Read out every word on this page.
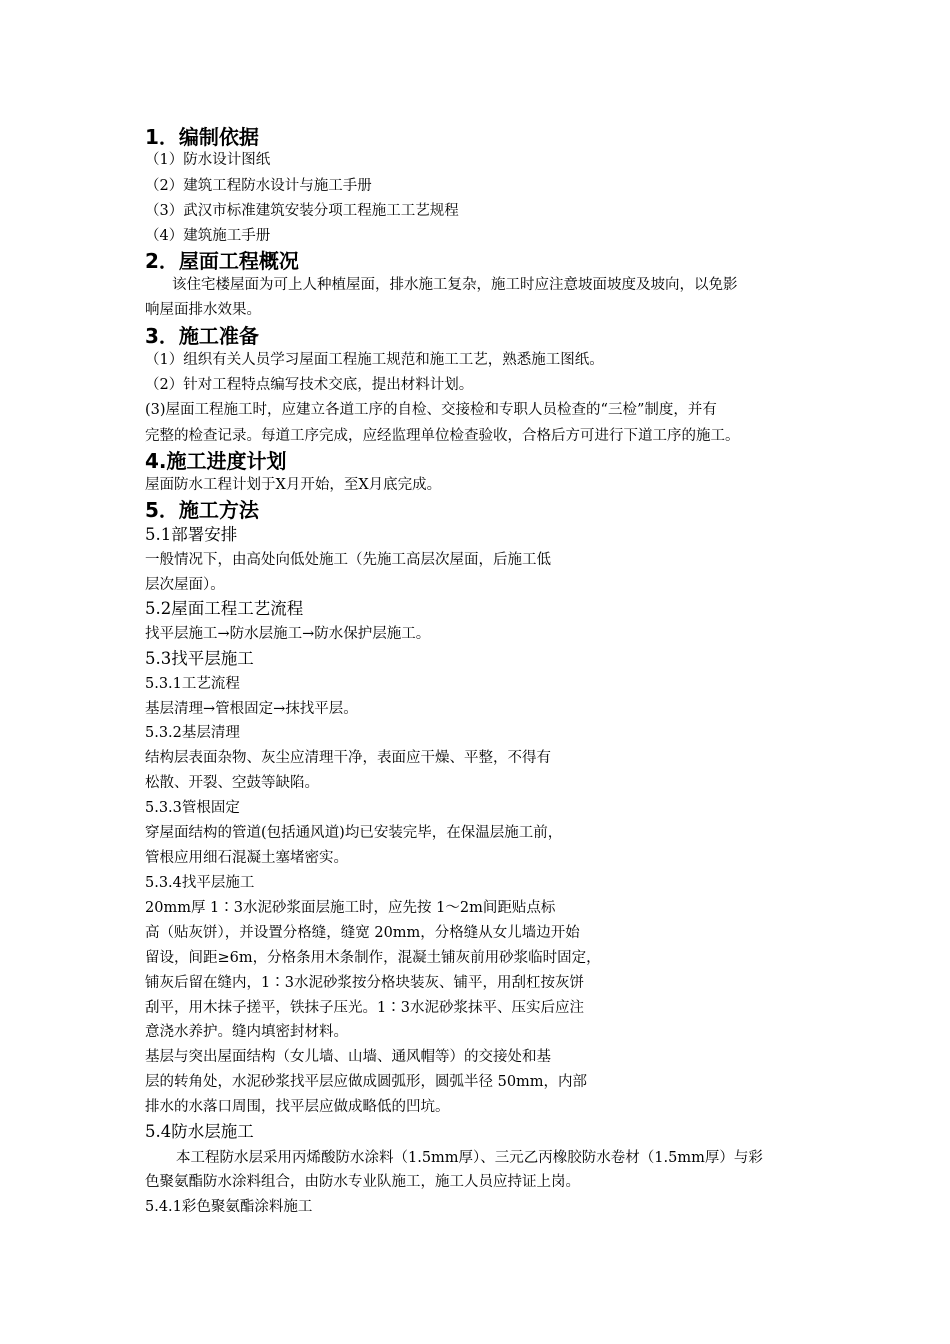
1．编制依据
（1）防水设计图纸
（2）建筑工程防水设计与施工手册
（3）武汉市标准建筑安装分项工程施工工艺规程
（4）建筑施工手册
2．屋面工程概况
该住宅楼屋面为可上人种植屋面，排水施工复杂，施工时应注意坡面坡度及坡向，以免影
响屋面排水效果。
3．施工准备
（1）组织有关人员学习屋面工程施工规范和施工工艺，熟悉施工图纸。
（2）针对工程特点编写技术交底，提出材料计划。
(3)屋面工程施工时，应建立各道工序的自检、交接检和专职人员检查的“三检”制度，并有
完整的检查记录。每道工序完成，应经监理单位检查验收，合格后方可进行下道工序的施工。
4.施工进度计划
屋面防水工程计划于X月开始，至X月底完成。
5．施工方法
5.1部署安排
一般情况下，由高处向低处施工（先施工高层次屋面，后施工低
层次屋面）。
5.2屋面工程工艺流程
找平层施工→防水层施工→防水保护层施工。
5.3找平层施工
5.3.1工艺流程
基层清理→管根固定→抹找平层。
5.3.2基层清理
结构层表面杂物、灰尘应清理干净，表面应干燥、平整，不得有
松散、开裂、空鼓等缺陷。
5.3.3管根固定
穿屋面结构的管道(包括通风道)均已安装完毕，在保温层施工前，
管根应用细石混凝土塞堵密实。
5.3.4找平层施工
20mm厚 1∶3水泥砂浆面层施工时，应先按 1～2m间距贴点标
高（贴灰饼），并设置分格缝，缝宽 20mm，分格缝从女儿墙边开始
留设，间距≥6m，分格条用木条制作，混凝土铺灰前用砂浆临时固定，
铺灰后留在缝内，1∶3水泥砂浆按分格块装灰、铺平，用刮杠按灰饼
刮平，用木抹子搓平，铁抹子压光。1∶3水泥砂浆抹平、压实后应注
意浇水养护。缝内填密封材料。
基层与突出屋面结构（女儿墙、山墙、通风帽等）的交接处和基
层的转角处，水泥砂浆找平层应做成圆弧形，圆弧半径 50mm，内部
排水的水落口周围，找平层应做成略低的凹坑。
5.4防水层施工
本工程防水层采用丙烯酸防水涂料（1.5mm厚）、三元乙丙橡胶防水卷材（1.5mm厚）与彩
色聚氨酯防水涂料组合，由防水专业队施工，施工人员应持证上岗。
5.4.1彩色聚氨酯涂料施工
